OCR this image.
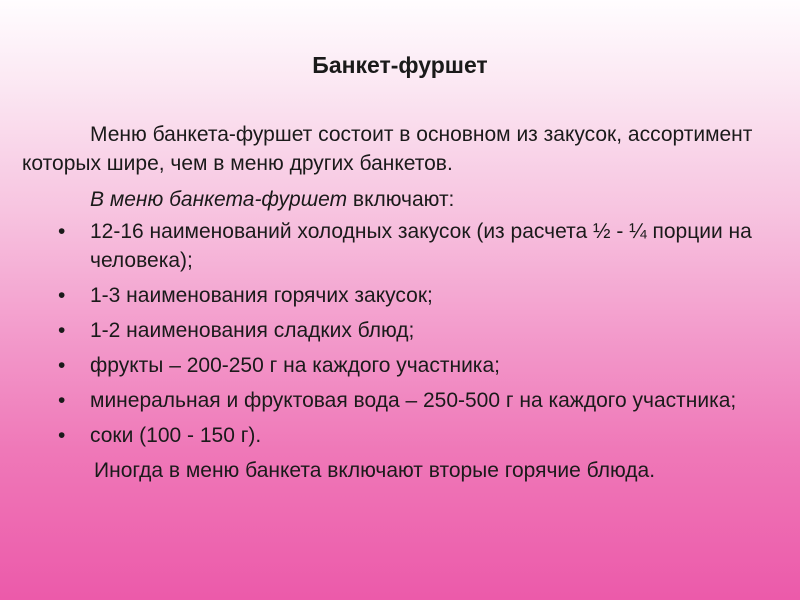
Банкет-фуршет

Меню банкета-фуршет состоит в основном из закусок, ассортимент которых шире, чем в меню других банкетов.

В меню банкета-фуршет включают:

• 12-16 наименований холодных закусок (из расчета ½ - ¼ порции на человека);
• 1-3 наименования горячих закусок;
• 1-2 наименования сладких блюд;
• фрукты – 200-250 г на каждого участника;
• минеральная и фруктовая вода – 250-500 г на каждого участника;
• соки (100 - 150 г).

Иногда в меню банкета включают вторые горячие блюда.
